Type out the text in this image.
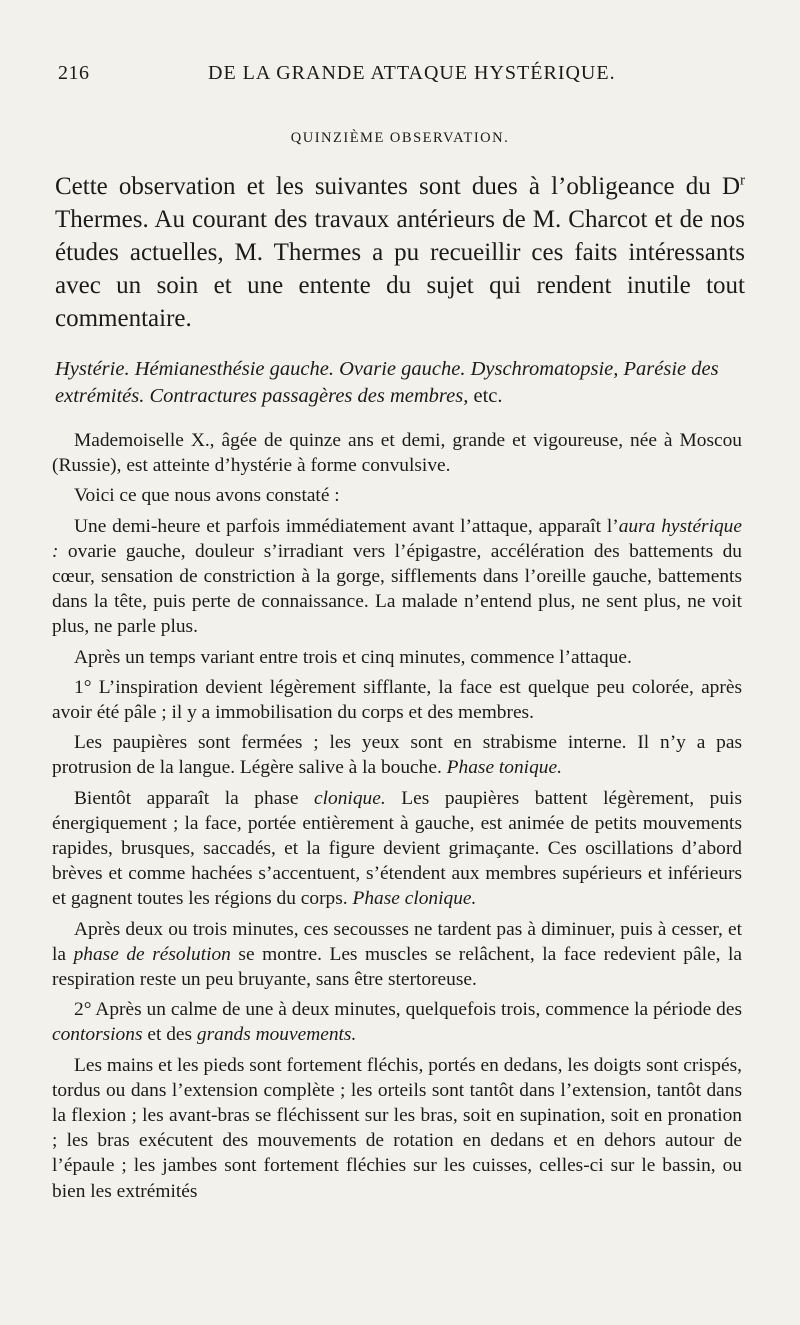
216	DE LA GRANDE ATTAQUE HYSTÉRIQUE.
QUINZIÈME OBSERVATION.

Cette observation et les suivantes sont dues à l’obligeance du $D^r$ Thermes. Au courant des travaux antérieurs de M. Charcot et de nos études actuelles, M. Thermes a pu recueillir ces faits intéressants avec un soin et une entente du sujet qui rendent inutile tout commentaire.

Hystérie. Hémianesthésie gauche. Ovarie gauche. Dyschromatopsie, Parésie des extrémités. Contractures passagères des membres, etc.

Mademoiselle X., âgée de quinze ans et demi, grande et vigoureuse, née à Moscou (Russie), est atteinte d’hystérie à forme convulsive.

Voici ce que nous avons constaté :

Une demi-heure et parfois immédiatement avant l’attaque, apparaît l’aura hystérique : ovarie gauche, douleur s’irradiant vers l’épigastre, accélération des battements du cœur, sensation de constriction à la gorge, sifflements dans l’oreille gauche, battements dans la tête, puis perte de connaissance. La malade n’entend plus, ne sent plus, ne voit plus, ne parle plus.

Après un temps variant entre trois et cinq minutes, commence l’attaque.

1° L’inspiration devient légèrement sifflante, la face est quelque peu colorée, après avoir été pâle ; il y a immobilisation du corps et des membres.

Les paupières sont fermées ; les yeux sont en strabisme interne. Il n’y a pas protrusion de la langue. Légère salive à la bouche. Phase tonique.

Bientôt apparaît la phase clonique. Les paupières battent légèrement, puis énergiquement ; la face, portée entièrement à gauche, est animée de petits mouvements rapides, brusques, saccadés, et la figure devient grimaçante. Ces oscillations d’abord brèves et comme hachées s’accentuent, s’étendent aux membres supérieurs et inférieurs et gagnent toutes les régions du corps. Phase clonique.

Après deux ou trois minutes, ces secousses ne tardent pas à diminuer, puis à cesser, et la phase de résolution se montre. Les muscles se relâchent, la face redevient pâle, la respiration reste un peu bruyante, sans être stertoreuse.

2° Après un calme de une à deux minutes, quelquefois trois, commence la période des contorsions et des grands mouvements.

Les mains et les pieds sont fortement fléchis, portés en dedans, les doigts sont crispés, tordus ou dans l’extension complète ; les orteils sont tantôt dans l’extension, tantôt dans la flexion ; les avant-bras se fléchissent sur les bras, soit en supination, soit en pronation ; les bras exécutent des mouvements de rotation en dedans et en dehors autour de l’épaule ; les jambes sont fortement fléchies sur les cuisses, celles-ci sur le bassin, ou bien les extrémités
